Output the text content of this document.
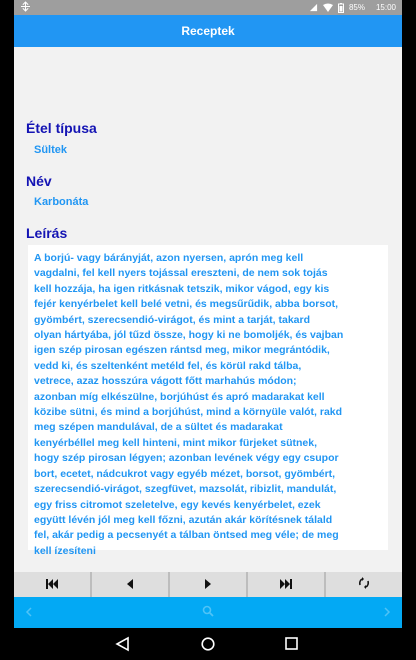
85% 15:00
Receptek
Étel típusa
Sültek
Név
Karbonáta
Leírás

A borjú- vagy bárányját, azon nyersen, aprón meg kell
vagdalni, fel kell nyers tojással ereszteni, de nem sok tojás
kell hozzája, ha igen ritkásnak tetszik, mikor vágod, egy kis
fejér kenyérbelet kell belé vetni, és megsűrűdik, abba borsot,
gyömbért, szerecsendió-virágot, és mint a tarját, takard
olyan hártyába, jól tűzd össze, hogy ki ne bomoljék, és vajban
igen szép pirosan egészen rántsd meg, mikor megrántódik,
vedd ki, és szeltenként metéld fel, és körül rakd tálba,
vetrece, azaz hosszúra vágott főtt marhahús módon;
azonban míg elkészülne, borjúhúst és apró madarakat kell
közibe sütni, és mind a borjúhúst, mind a környüle valót, rakd
meg szépen mandulával, de a sültet és madarakat
kenyérbéllel meg kell hinteni, mint mikor fürjeket sütnek,
hogy szép pirosan légyen; azonban levének végy egy csupor
bort, ecetet, nádcukrot vagy egyéb mézet, borsot, gyömbért,
szerecsendió-virágot, szegfüvet, mazsolát, ribizlit, mandulát,
egy friss citromot szeletelve, egy kevés kenyérbelet, ezek
együtt lévén jól meg kell főzni, azután akár körítésnek tálald
fel, akár pedig a pecsenyét a tálban öntsed meg véle; de meg
kell ízesíteni
